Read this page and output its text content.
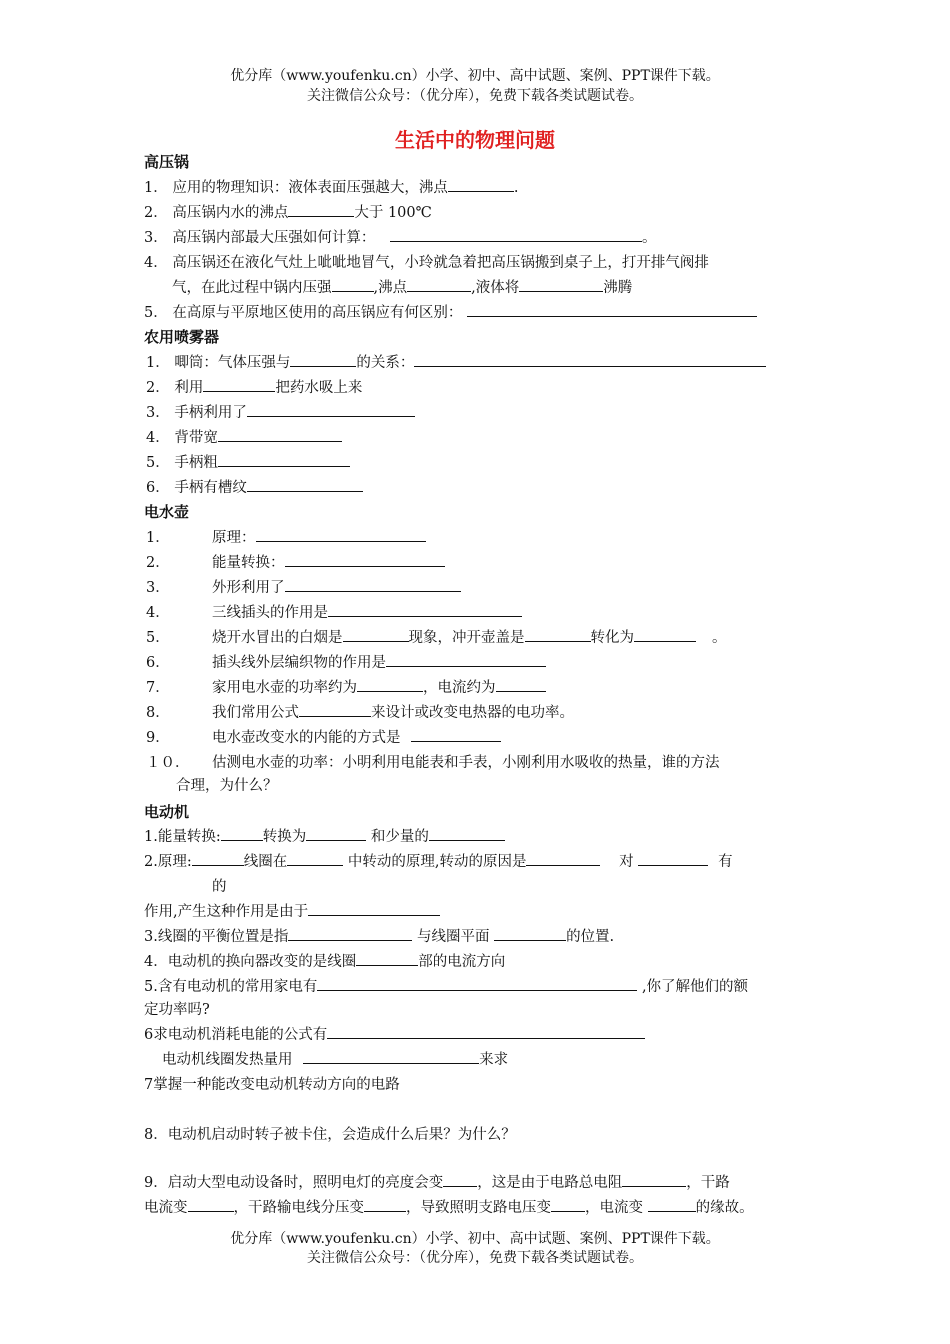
优分库（www.youfenku.cn）小学、初中、高中试题、案例、PPT课件下载。
关注微信公众号：（优分库），免费下载各类试题试卷。
生活中的物理问题
高压锅
1． 应用的物理知识：液体表面压强越大，沸点	.
2． 高压锅内水的沸点	大于 100℃
3． 高压锅内部最大压强如何计算：	。
4． 高压锅还在液化气灶上呲呲地冒气，小玲就急着把高压锅搬到桌子上，打开排气阀排
气，在此过程中锅内压强	,沸点	,液体将	沸腾
5． 在高原与平原地区使用的高压锅应有何区别：
农用喷雾器
1． 唧筒：气体压强与	的关系：
2． 利用	把药水吸上来
3． 手柄利用了
4． 背带宽
5． 手柄粗
6． 手柄有槽纹
电水壶
1．	原理：
2．	能量转换：
3．	外形利用了
4．	三线插头的作用是
5．	烧开水冒出的白烟是	现象，冲开壶盖是	转化为	。
6．	插头线外层编织物的作用是
7．	家用电水壶的功率约为	，电流约为
8．	我们常用公式	来设计或改变电热器的电功率。
9．	电水壶改变水的内能的方式是
１０． 估测电水壶的功率：小明利用电能表和手表，小刚利用水吸收的热量，谁的方法
合理，为什么？
电动机
1.能量转换:	转换为	和少量的
2.原理:	线圈在	中转动的原理,转动的原因是	对	有
的
作用,产生这种作用是由于
3.线圈的平衡位置是指	与线圈平面	的位置.
4．电动机的换向器改变的是线圈	部的电流方向
5.含有电动机的常用家电有	,你了解他们的额
定功率吗?
6求电动机消耗电能的公式有
电动机线圈发热量用	来求
7掌握一种能改变电动机转动方向的电路
8．电动机启动时转子被卡住，会造成什么后果？为什么？
9．启动大型电动设备时，照明电灯的亮度会变 ，这是由于电路总电阻	，干路
电流变	，干路输电线分压变	，导致照明支路电压变 ，电流变	的缘故。
优分库（www.youfenku.cn）小学、初中、高中试题、案例、PPT课件下载。
关注微信公众号：（优分库），免费下载各类试题试卷。
